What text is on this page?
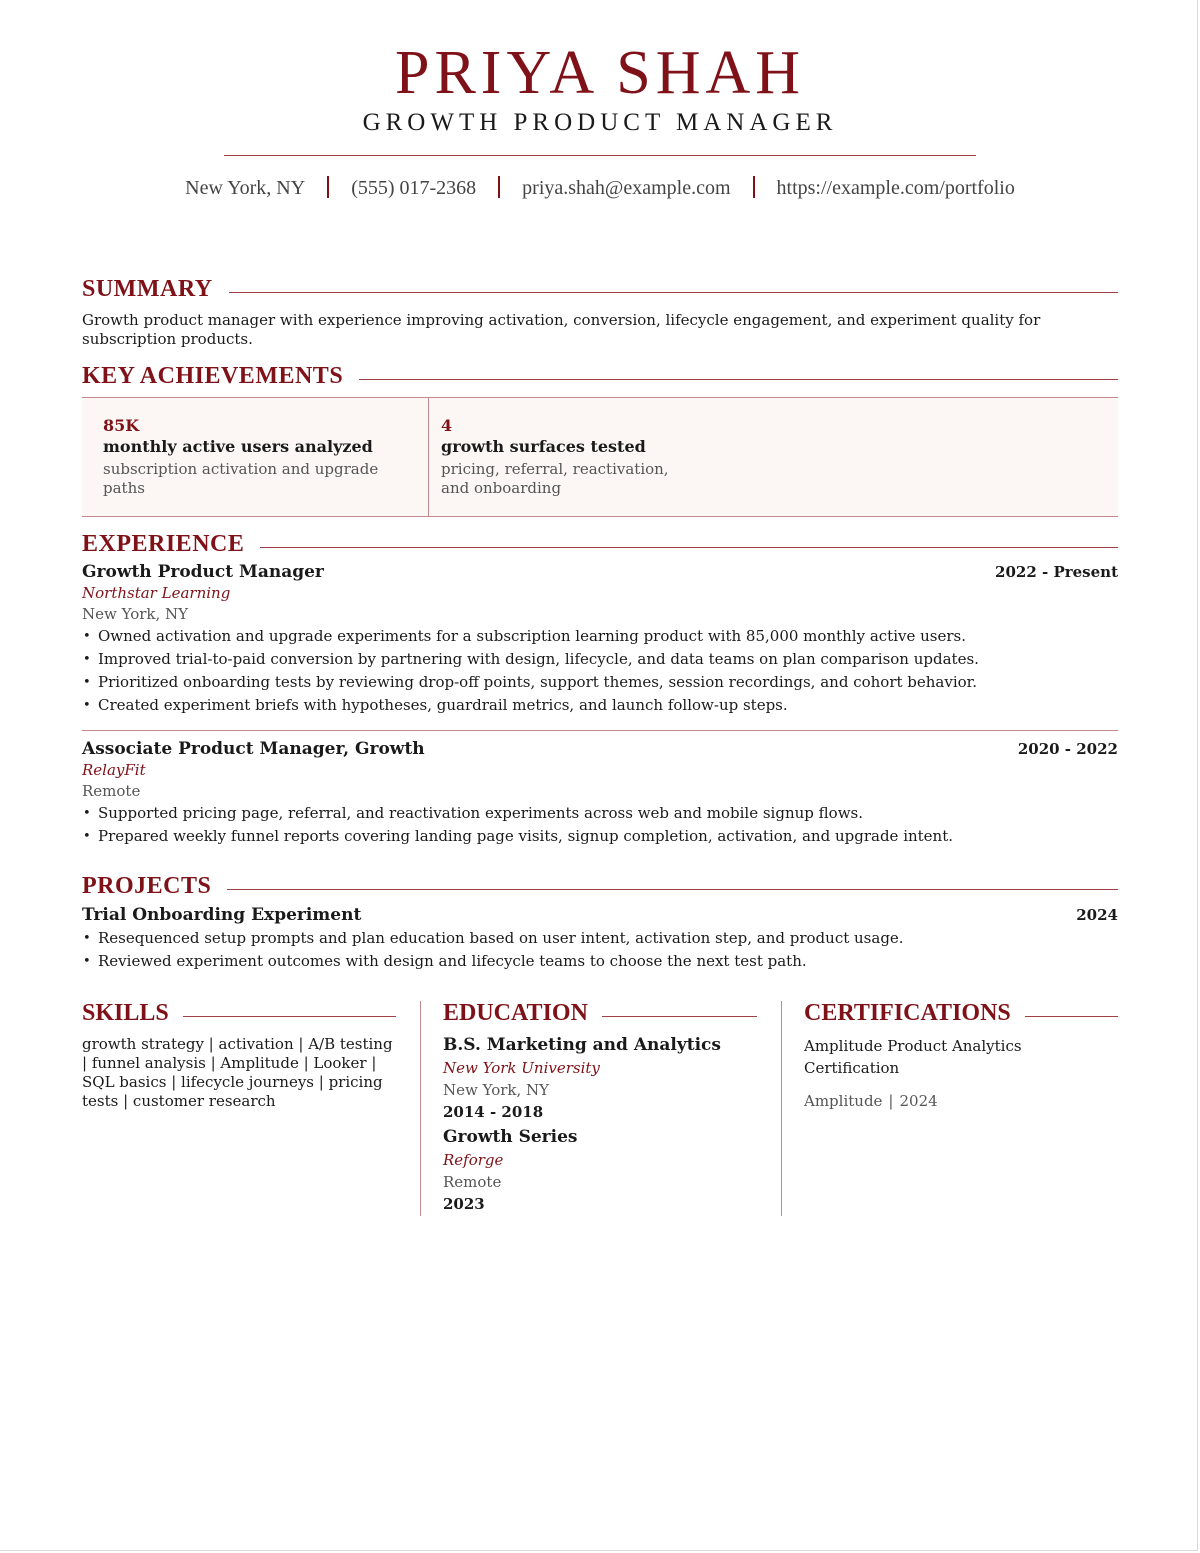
PRIYA SHAH
GROWTH PRODUCT MANAGER
New York, NY (555) 017-2368 priya.shah@example.com https://example.com/portfolio
SUMMARY
Growth product manager with experience improving activation, conversion, lifecycle engagement, and experiment quality for subscription products.
KEY ACHIEVEMENTS
85K
monthly active users analyzed
subscription activation and upgrade paths
4
growth surfaces tested
pricing, referral, reactivation, and onboarding
EXPERIENCE
Growth Product Manager	2022 - Present
Northstar Learning
New York, NY
• Owned activation and upgrade experiments for a subscription learning product with 85,000 monthly active users.
• Improved trial-to-paid conversion by partnering with design, lifecycle, and data teams on plan comparison updates.
• Prioritized onboarding tests by reviewing drop-off points, support themes, session recordings, and cohort behavior.
• Created experiment briefs with hypotheses, guardrail metrics, and launch follow-up steps.
Associate Product Manager, Growth	2020 - 2022
RelayFit
Remote
• Supported pricing page, referral, and reactivation experiments across web and mobile signup flows.
• Prepared weekly funnel reports covering landing page visits, signup completion, activation, and upgrade intent.
PROJECTS
Trial Onboarding Experiment	2024
• Resequenced setup prompts and plan education based on user intent, activation step, and product usage.
• Reviewed experiment outcomes with design and lifecycle teams to choose the next test path.
SKILLS
growth strategy | activation | A/B testing | funnel analysis | Amplitude | Looker | SQL basics | lifecycle journeys | pricing tests | customer research
EDUCATION
B.S. Marketing and Analytics
New York University
New York, NY
2014 - 2018
Growth Series
Reforge
Remote
2023
CERTIFICATIONS
Amplitude Product Analytics Certification
Amplitude | 2024
